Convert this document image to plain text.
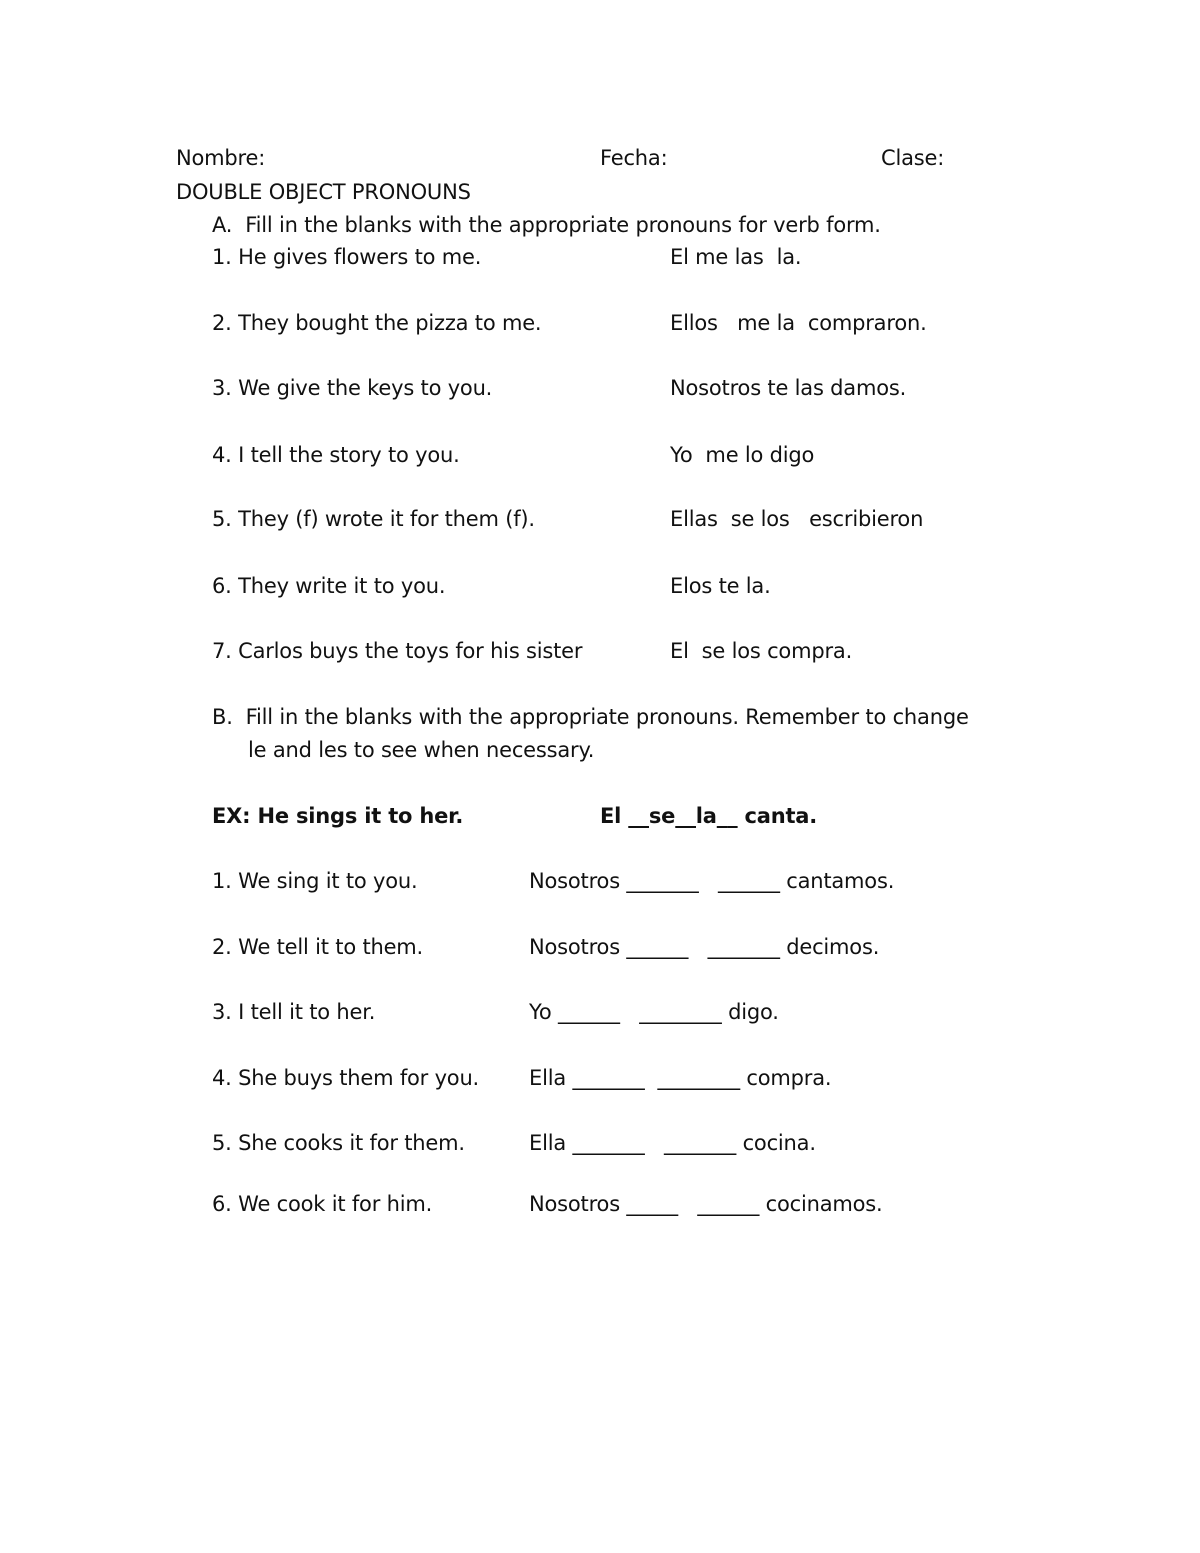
Nombre:	Fecha:	Clase:
DOUBLE OBJECT PRONOUNS
A.  Fill in the blanks with the appropriate pronouns for verb form.
1. He gives flowers to me.	El me las  la.
2. They bought the pizza to me.	Ellos   me la  compraron.
3. We give the keys to you.	Nosotros te las damos.
4. I tell the story to you.	Yo  me lo digo
5. They (f) wrote it for them (f).	Ellas  se los   escribieron
6. They write it to you.	Elos te la.
7. Carlos buys the toys for his sister	El  se los compra.
B.  Fill in the blanks with the appropriate pronouns. Remember to change
le and les to see when necessary.
EX: He sings it to her.	El __se__la__ canta.
1. We sing it to you.	Nosotros _______   ______ cantamos.
2. We tell it to them.	Nosotros ______   _______ decimos.
3. I tell it to her.	Yo ______   ________ digo.
4. She buys them for you. Ella _______  ________ compra.
5. She cooks it for them.	Ella _______   _______ cocina.
6. We cook it for him.	Nosotros _____   ______ cocinamos.
